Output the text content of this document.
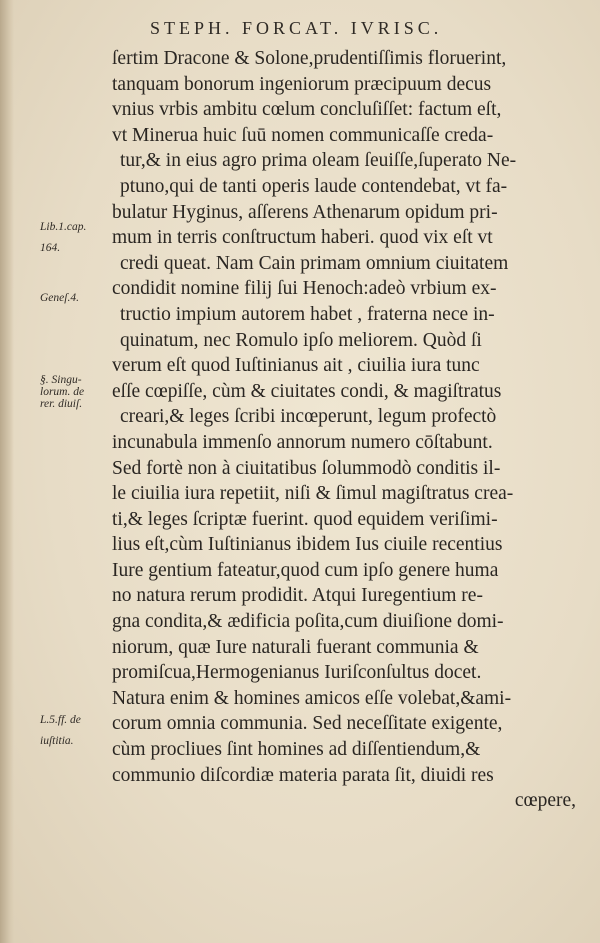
STEPH. FORCAT. IVRISC.
ſertim Dracone & Solone,prudentiſſimis floruerint,
tanquam bonorum ingeniorum præcipuum decus
vnius vrbis ambitu cœlum concluſiſſet: factum eſt,
vt Minerua huic ſuū nomen communicaſſe creda-
tur,& in eius agro prima oleam ſeuiſſe,ſuperato Ne-
ptuno,qui de tanti operis laude contendebat, vt fa-
bulatur Hyginus, aſſerens Athenarum opidum pri-
mum in terris conſtructum haberi. quod vix eſt vt
credi queat. Nam Cain primam omnium ciuitatem
condidit nomine filij ſui Henoch:adeò vrbium ex-
tructio impium autorem habet , fraterna nece in-
quinatum, nec Romulo ipſo meliorem. Quòd ſi
verum eſt quod Iuſtinianus ait , ciuilia iura tunc
eſſe cœpiſſe, cùm & ciuitates condi, & magiſtratus
creari,& leges ſcribi incœperunt, legum profectò
incunabula immenſo annorum numero cōſtabunt.
Sed fortè non à ciuitatibus ſolummodò conditis il-
le ciuilia iura repetiit, niſi & ſimul magiſtratus crea-
ti,& leges ſcriptæ fuerint. quod equidem veriſimi-
lius eſt,cùm Iuſtinianus ibidem Ius ciuile recentius
Iure gentium fateatur,quod cum ipſo genere huma
no natura rerum prodidit. Atqui Iuregentium re-
gna condita,& ædificia poſita,cum diuiſione domi-
niorum, quæ Iure naturali fuerant communia &
promiſcua,Hermogenianus Iuriſconſultus docet.
Natura enim & homines amicos eſſe volebat,&ami-
corum omnia communia. Sed neceſſitate exigente,
cùm procliues ſint homines ad diſſentiendum,&
communio diſcordiæ materia parata ſit, diuidi res
cœpere,
Lib.1.cap.
164.
Geneſ.4.
§. Singu-
lorum. de
rer. diuiſ.
L.5.ff. de
iuſtitia.
